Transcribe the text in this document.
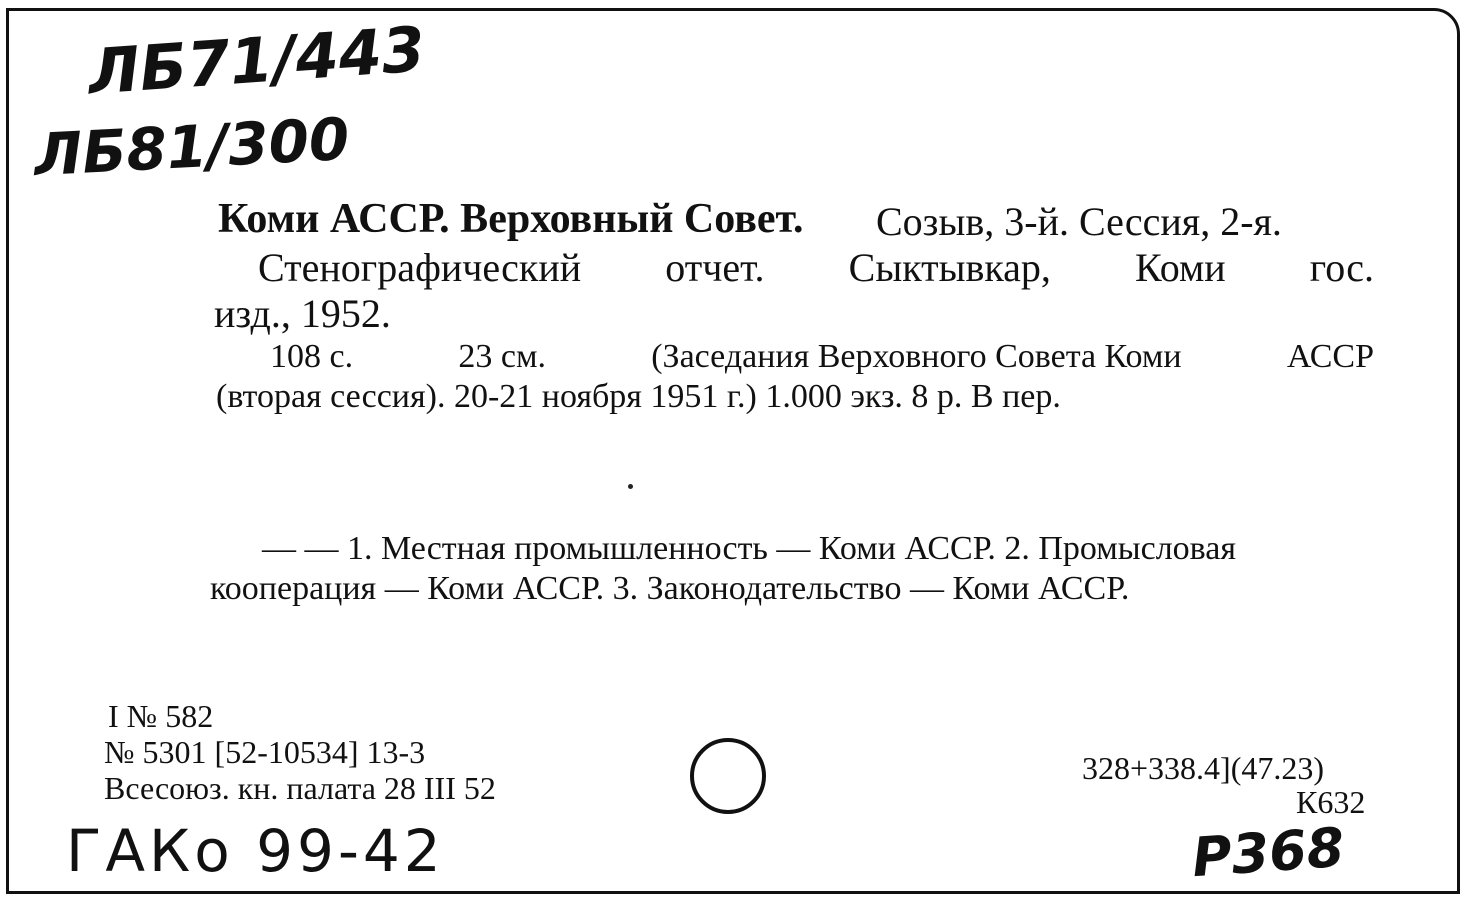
ЛБ71/443
ЛБ81/300
Коми АССР. Верховный Совет. Созыв, 3-й. Сессия, 2-я.
Стенографический отчет. Сыктывкар, Коми гос.
изд., 1952.
108 с.	23 см.	(Заседания Верховного Совета Коми	АССР
(вторая сессия). 20-21 ноября 1951 г.) 1.000 экз. 8 р. В пер.
— — 1. Местная промышленность — Коми АССР. 2. Промысловая
кооперация — Коми АССР. 3. Законодательство — Коми АССР.
I № 582
№ 5301 [52-10534] 13-3
Всесоюз. кн. палата 28 III 52
328+338.4](47.23)
К632
ГАКо 99-42	Р368
